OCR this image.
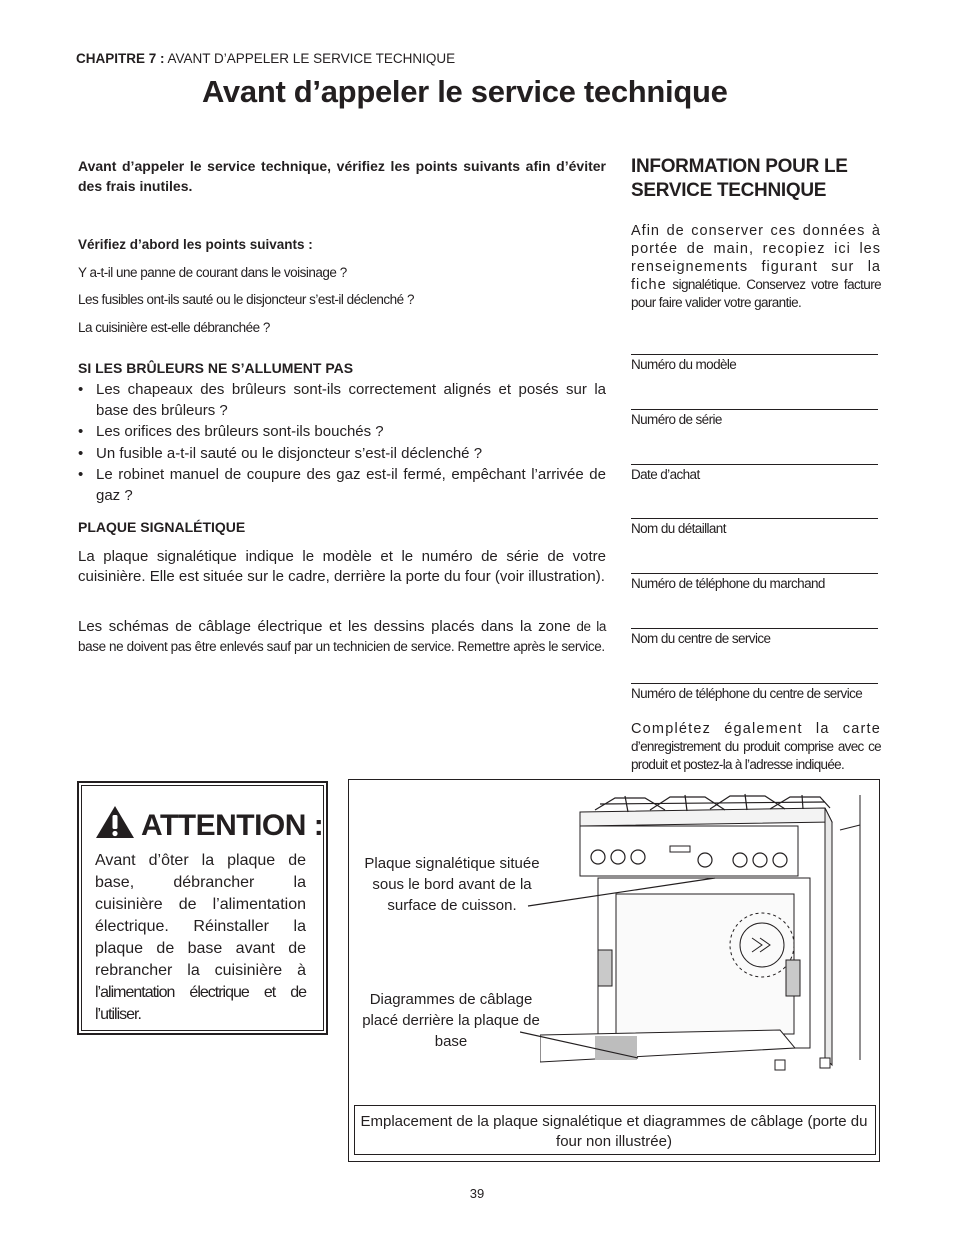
CHAPITRE 7 : AVANT D’APPELER LE SERVICE TECHNIQUE
Avant d’appeler le service technique
Avant d’appeler le service technique, vérifiez les points suivants afin d’éviter des frais inutiles.
Vérifiez d’abord les points suivants :
Y a-t-il une panne de courant dans le voisinage ?
Les fusibles ont-ils sauté ou le disjoncteur s’est-il déclenché ?
La cuisinière est-elle débranchée ?
SI LES BRÛLEURS NE S’ALLUMENT PAS
• Les chapeaux des brûleurs sont-ils correctement alignés et posés sur la base des brûleurs ?
• Les orifices des brûleurs sont-ils bouchés ?
• Un fusible a-t-il sauté ou le disjoncteur s’est-il déclenché ?
• Le robinet manuel de coupure des gaz est-il fermé, empêchant l’arrivée de gaz ?
PLAQUE SIGNALÉTIQUE
La plaque signalétique indique le modèle et le numéro de série de votre cuisinière. Elle est située sur le cadre, derrière la porte du four (voir illustration).
Les schémas de câblage électrique et les dessins placés dans la zone de la base ne doivent pas être enlevés sauf par un technicien de service. Remettre après le service.
INFORMATION POUR LE SERVICE TECHNIQUE
Afin de conserver ces données à portée de main, recopiez ici les renseignements figurant sur la fiche signalétique. Conservez votre facture pour faire valider votre garantie.
Numéro du modèle
Numéro de série
Date d’achat
Nom du détaillant
Numéro de téléphone du marchand
Nom du centre de service
Numéro de téléphone du centre de service
Complétez également la carte d’enregistrement du produit comprise avec ce produit et postez-la à l’adresse indiquée.
ATTENTION :
Avant d’ôter la plaque de base, débrancher la cuisinière de l’alimentation électrique. Réinstaller la plaque de base avant de rebrancher la cuisinière à l’alimentation électrique et de l’utiliser.
Plaque signalétique située sous le bord avant de la surface de cuisson.
Diagrammes de câblage placé derrière la plaque de base
Emplacement de la plaque signalétique et diagrammes de câblage (porte du four non illustrée)
39
